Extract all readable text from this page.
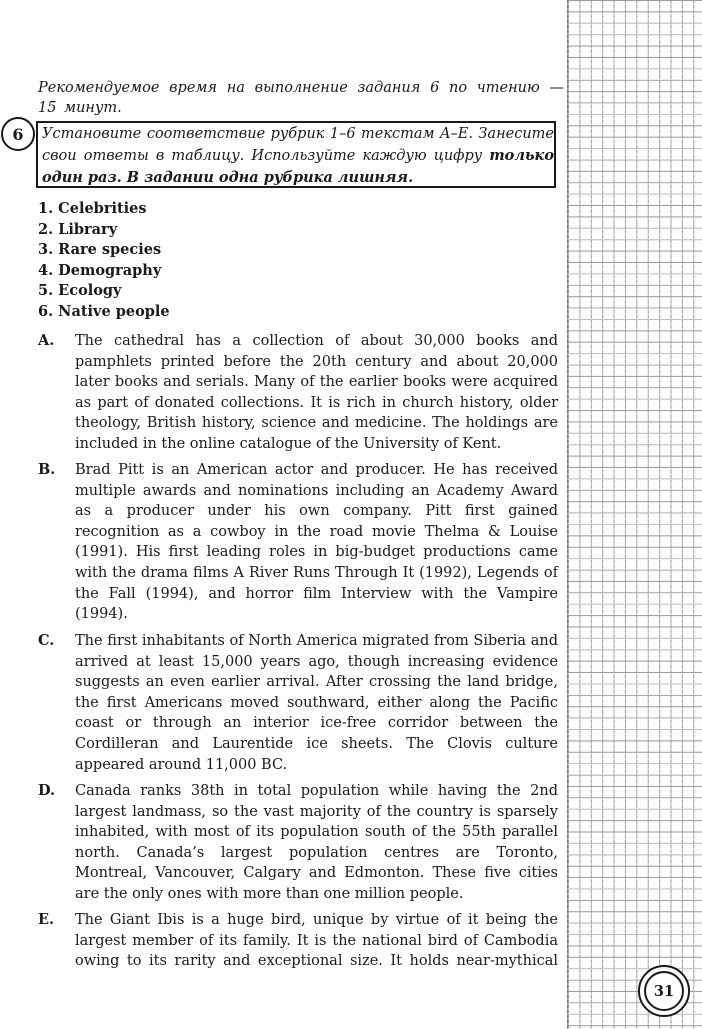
Рекомендуемое время на выполнение задания 6 по чтению — 15 минут.
6 Установите соответствие рубрик 1–6 текстам A–E. Занесите свои ответы в таблицу. Используйте каждую цифру только один раз. В задании одна рубрика лишняя.

1. Celebrities
2. Library
3. Rare species
4. Demography
5. Ecology
6. Native people
A. The cathedral has a collection of about 30,000 books and pamphlets printed before the 20th century and about 20,000 later books and serials. Many of the earlier books were acquired as part of donated collections. It is rich in church history, older theology, British history, science and medicine. The holdings are included in the online catalogue of the University of Kent.
B. Brad Pitt is an American actor and producer. He has received multiple awards and nominations including an Academy Award as a producer under his own company. Pitt first gained recognition as a cowboy in the road movie Thelma & Louise (1991). His first leading roles in big-budget productions came with the drama films A River Runs Through It (1992), Legends of the Fall (1994), and horror film Interview with the Vampire (1994).
C. The first inhabitants of North America migrated from Siberia and arrived at least 15,000 years ago, though increasing evidence suggests an even earlier arrival. After crossing the land bridge, the first Americans moved southward, either along the Pacific coast or through an interior ice-free corridor between the Cordilleran and Laurentide ice sheets. The Clovis culture appeared around 11,000 BC.
D. Canada ranks 38th in total population while having the 2nd largest landmass, so the vast majority of the country is sparsely inhabited, with most of its population south of the 55th parallel north. Canada’s largest population centres are Toronto, Montreal, Vancouver, Calgary and Edmonton. These five cities are the only ones with more than one million people.
E. The Giant Ibis is a huge bird, unique by virtue of it being the largest member of its family. It is the national bird of Cambodia owing to its rarity and exceptional size. It holds near-mythical
31
